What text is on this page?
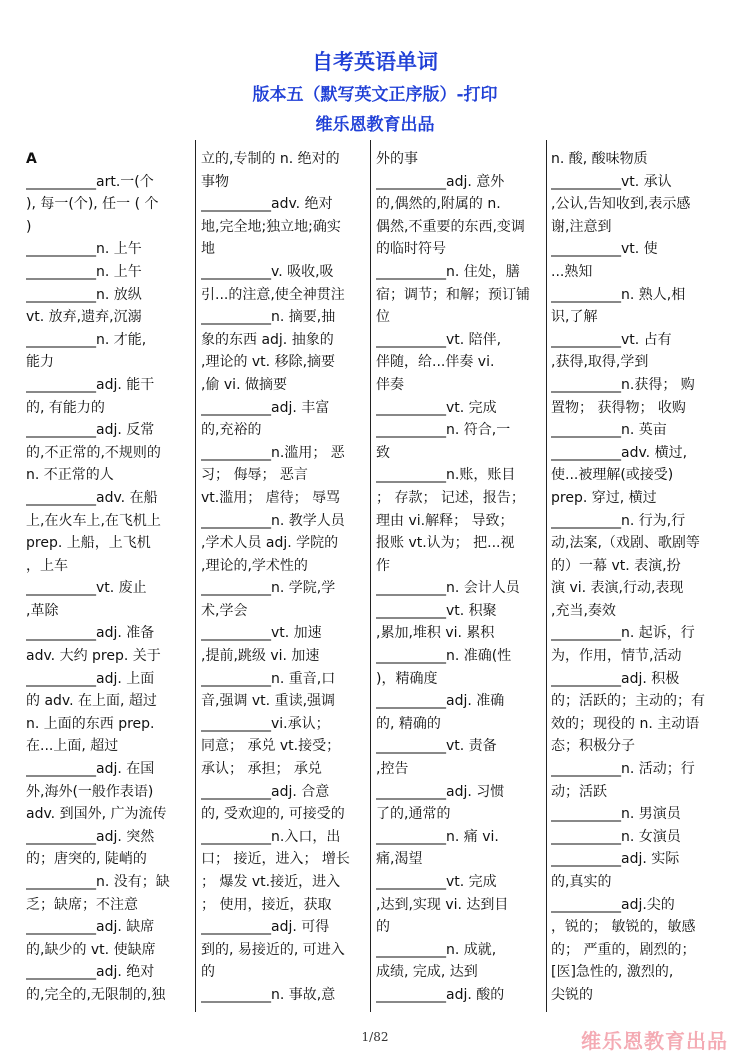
自考英语单词
版本五（默写英文正序版）-打印
维乐恩教育出品
A
__________art.一(个
), 每一(个), 任一 ( 个
)
__________n. 上午
__________n. 上午
__________n. 放纵
vt. 放弃,遗弃,沉溺
__________n. 才能,
能力
__________adj. 能干
的, 有能力的
__________adj. 反常
的,不正常的,不规则的
n. 不正常的人
__________adv. 在船
上,在火车上,在飞机上
prep. 上船，上飞机
，上车
__________vt. 废止
,革除
__________adj. 准备
adv. 大约 prep. 关于
__________adj. 上面
的 adv. 在上面, 超过
n. 上面的东西 prep.
在...上面, 超过
__________adj. 在国
外,海外(一般作表语)
adv. 到国外, 广为流传
__________adj. 突然
的；唐突的, 陡峭的
__________n. 没有；缺
乏；缺席；不注意
__________adj. 缺席
的,缺少的 vt. 使缺席
__________adj. 绝对
的,完全的,无限制的,独
立的,专制的 n. 绝对的
事物
__________adv. 绝对
地,完全地;独立地;确实
地
__________v. 吸收,吸
引...的注意,使全神贯注
__________n. 摘要,抽
象的东西 adj. 抽象的
,理论的 vt. 移除,摘要
,偷 vi. 做摘要
__________adj. 丰富
的,充裕的
__________n.滥用； 恶
习； 侮辱； 恶言
vt.滥用； 虐待； 辱骂
__________n. 教学人员
,学术人员 adj. 学院的
,理论的,学术性的
__________n. 学院,学
术,学会
__________vt. 加速
,提前,跳级 vi. 加速
__________n. 重音,口
音,强调 vt. 重读,强调
__________vi.承认；
同意； 承兑 vt.接受；
承认； 承担； 承兑
__________adj. 合意
的, 受欢迎的, 可接受的
__________n.入口，出
口； 接近，进入； 增长
； 爆发 vt.接近，进入
； 使用，接近，获取
__________adj. 可得
到的, 易接近的, 可进入
的
__________n. 事故,意
外的事
__________adj. 意外
的,偶然的,附属的 n.
偶然,不重要的东西,变调
的临时符号
__________n. 住处，膳
宿；调节；和解；预订铺
位
__________vt. 陪伴,
伴随，给...伴奏 vi.
伴奏
__________vt. 完成
__________n. 符合,一
致
__________n.账，账目
； 存款； 记述，报告；
理由 vi.解释； 导致；
报账 vt.认为； 把...视
作
__________n. 会计人员
__________vt. 积聚
,累加,堆积 vi. 累积
__________n. 准确(性
)，精确度
__________adj. 准确
的, 精确的
__________vt. 责备
,控告
__________adj. 习惯
了的,通常的
__________n. 痛 vi.
痛,渴望
__________vt. 完成
,达到,实现 vi. 达到目
的
__________n. 成就,
成绩, 完成, 达到
__________adj. 酸的
n. 酸, 酸味物质
__________vt. 承认
,公认,告知收到,表示感
谢,注意到
__________vt. 使
...熟知
__________n. 熟人,相
识,了解
__________vt. 占有
,获得,取得,学到
__________n.获得； 购
置物； 获得物； 收购
__________n. 英亩
__________adv. 横过,
使...被理解(或接受)
prep. 穿过, 横过
__________n. 行为,行
动,法案,（戏剧、歌剧等
的）一幕 vt. 表演,扮
演 vi. 表演,行动,表现
,充当,奏效
__________n. 起诉，行
为，作用，情节,活动
__________adj. 积极
的；活跃的；主动的；有
效的；现役的 n. 主动语
态；积极分子
__________n. 活动；行
动；活跃
__________n. 男演员
__________n. 女演员
__________adj. 实际
的,真实的
__________adj.尖的
，锐的； 敏锐的，敏感
的； 严重的，剧烈的；
[医]急性的, 激烈的,
尖锐的
1/82	维乐恩教育出品
